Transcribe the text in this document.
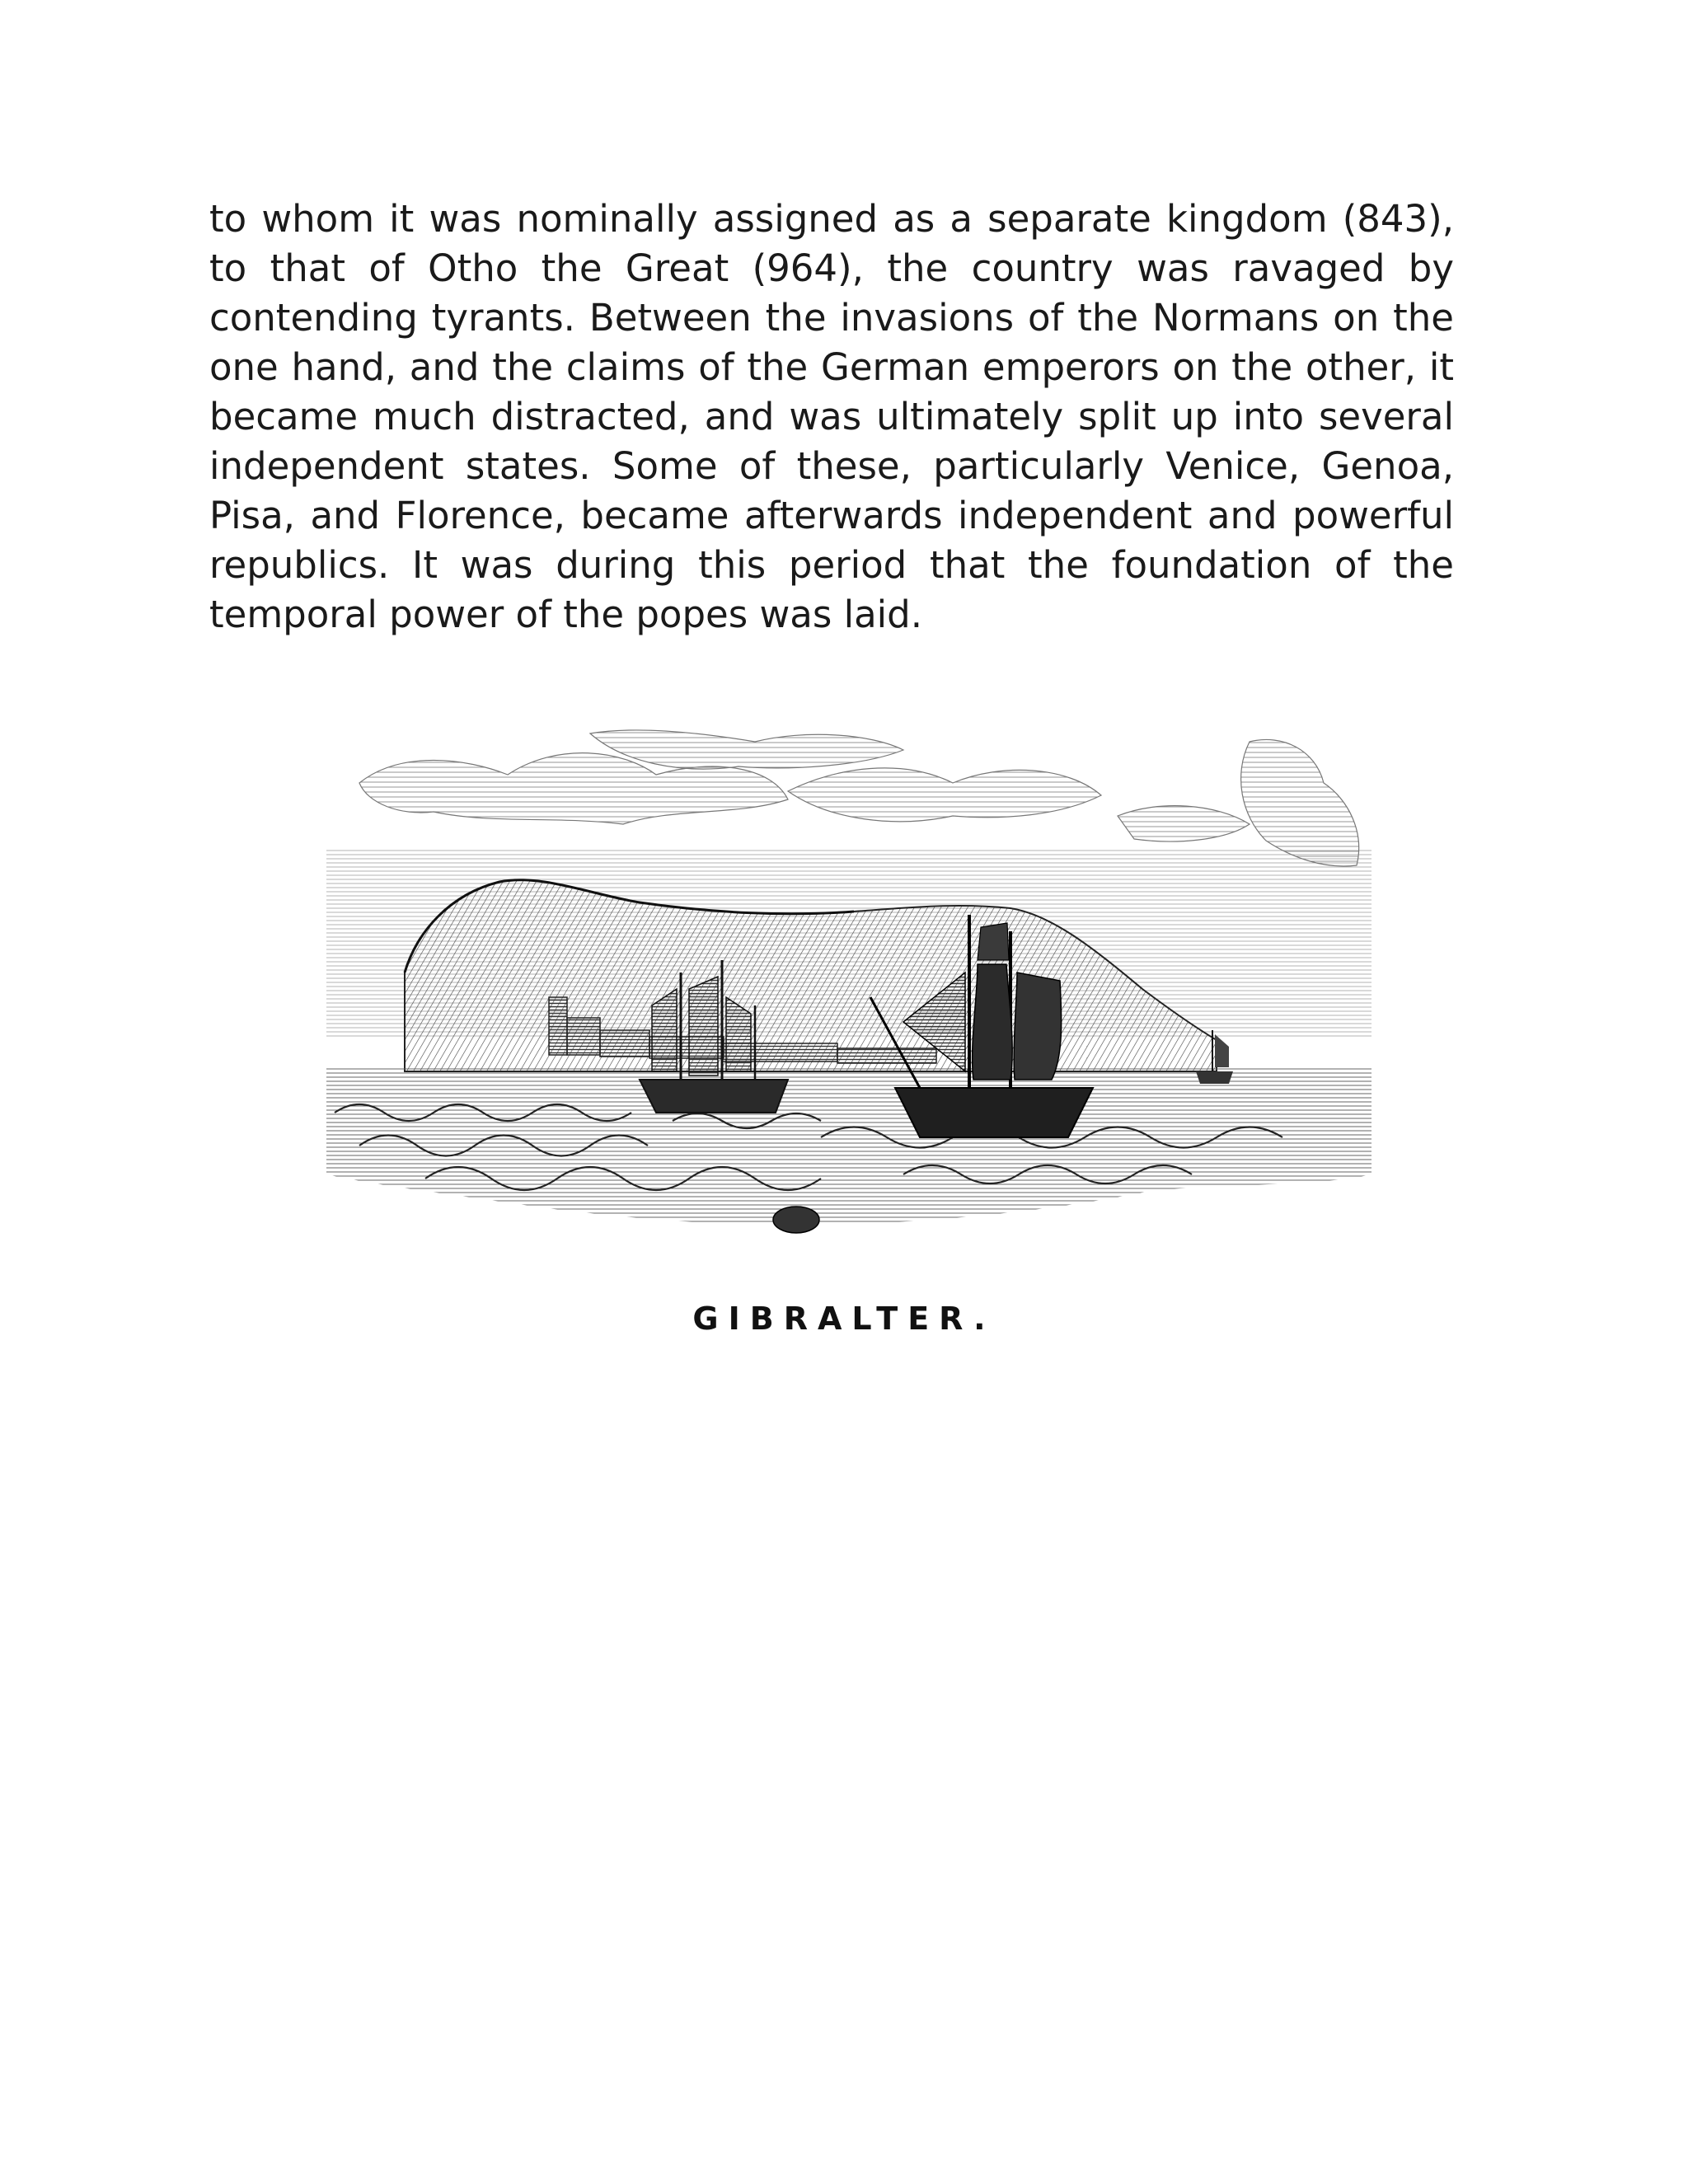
to whom it was nominally assigned as a separate kingdom (843), to that of Otho the Great (964), the country was ravaged by contending tyrants. Between the invasions of the Normans on the one hand, and the claims of the German emperors on the other, it became much distracted, and was ultimately split up into several independent states. Some of these, particularly Venice, Genoa, Pisa, and Florence, became afterwards independent and powerful republics. It was during this period that the foundation of the temporal power of the popes was laid.

GIBRALTER.
